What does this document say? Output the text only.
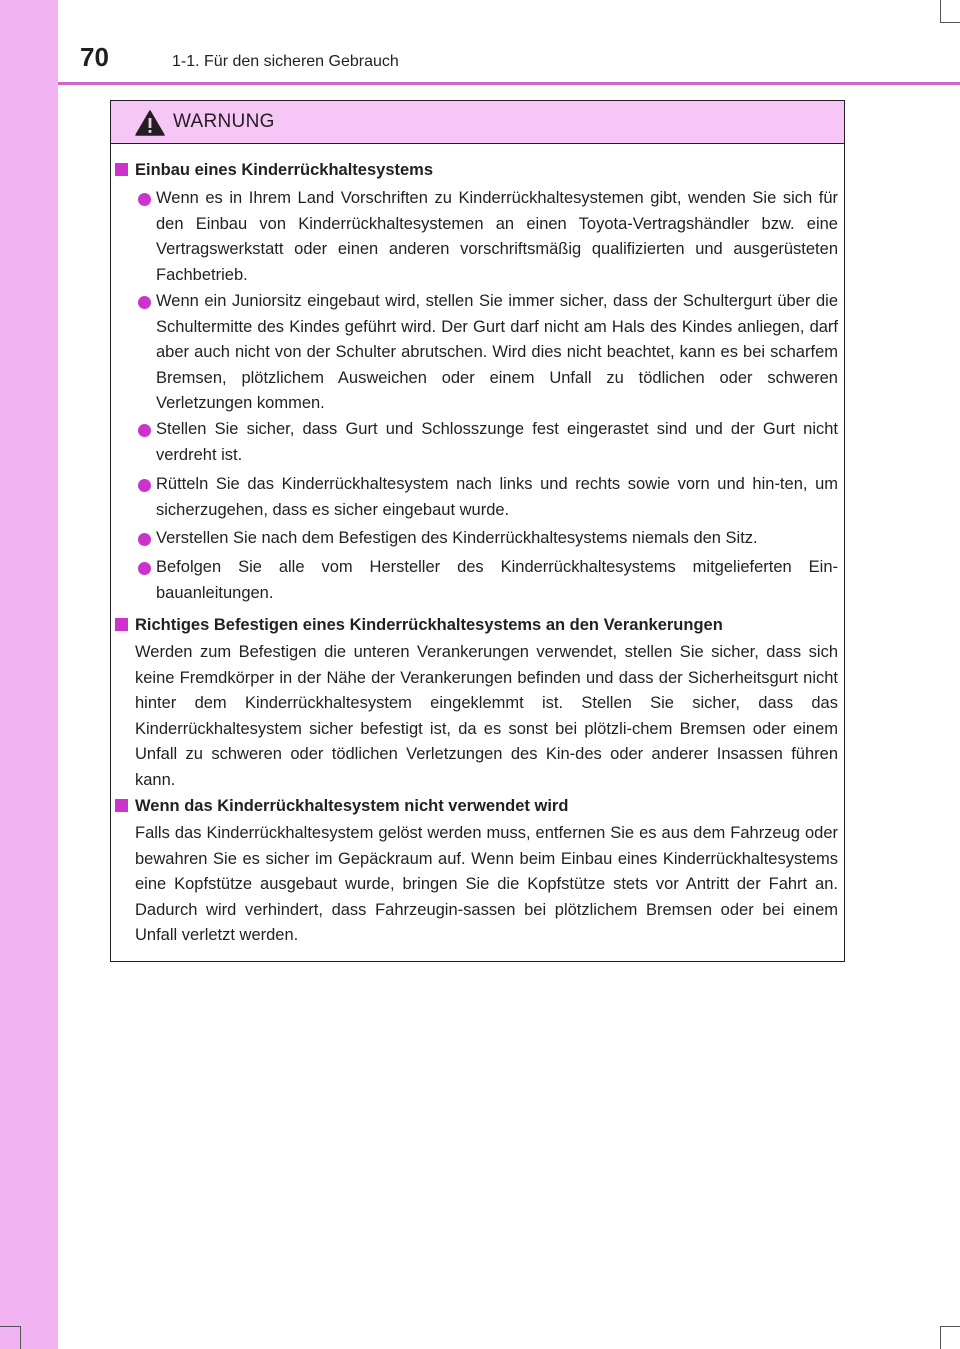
70	1-1. Für den sicheren Gebrauch
WARNUNG
Einbau eines Kinderrückhaltesystems
Wenn es in Ihrem Land Vorschriften zu Kinderrückhaltesystemen gibt, wenden Sie sich für den Einbau von Kinderrückhaltesystemen an einen Toyota-Vertragshändler bzw. eine Vertragswerkstatt oder einen anderen vorschriftsmäßig qualifizierten und ausgerüsteten Fachbetrieb.
Wenn ein Juniorsitz eingebaut wird, stellen Sie immer sicher, dass der Schultergurt über die Schultermitte des Kindes geführt wird. Der Gurt darf nicht am Hals des Kindes anliegen, darf aber auch nicht von der Schulter abrutschen. Wird dies nicht beachtet, kann es bei scharfem Bremsen, plötzlichem Ausweichen oder einem Unfall zu tödlichen oder schweren Verletzungen kommen.
Stellen Sie sicher, dass Gurt und Schlosszunge fest eingerastet sind und der Gurt nicht verdreht ist.
Rütteln Sie das Kinderrückhaltesystem nach links und rechts sowie vorn und hin-ten, um sicherzugehen, dass es sicher eingebaut wurde.
Verstellen Sie nach dem Befestigen des Kinderrückhaltesystems niemals den Sitz.
Befolgen Sie alle vom Hersteller des Kinderrückhaltesystems mitgelieferten Ein-bauanleitungen.
Richtiges Befestigen eines Kinderrückhaltesystems an den Verankerungen
Werden zum Befestigen die unteren Verankerungen verwendet, stellen Sie sicher, dass sich keine Fremdkörper in der Nähe der Verankerungen befinden und dass der Sicherheitsgurt nicht hinter dem Kinderrückhaltesystem eingeklemmt ist. Stellen Sie sicher, dass das Kinderrückhaltesystem sicher befestigt ist, da es sonst bei plötzli-chem Bremsen oder einem Unfall zu schweren oder tödlichen Verletzungen des Kin-des oder anderer Insassen führen kann.
Wenn das Kinderrückhaltesystem nicht verwendet wird
Falls das Kinderrückhaltesystem gelöst werden muss, entfernen Sie es aus dem Fahrzeug oder bewahren Sie es sicher im Gepäckraum auf. Wenn beim Einbau eines Kinderrückhaltesystems eine Kopfstütze ausgebaut wurde, bringen Sie die Kopfstütze stets vor Antritt der Fahrt an. Dadurch wird verhindert, dass Fahrzeugin-sassen bei plötzlichem Bremsen oder bei einem Unfall verletzt werden.
